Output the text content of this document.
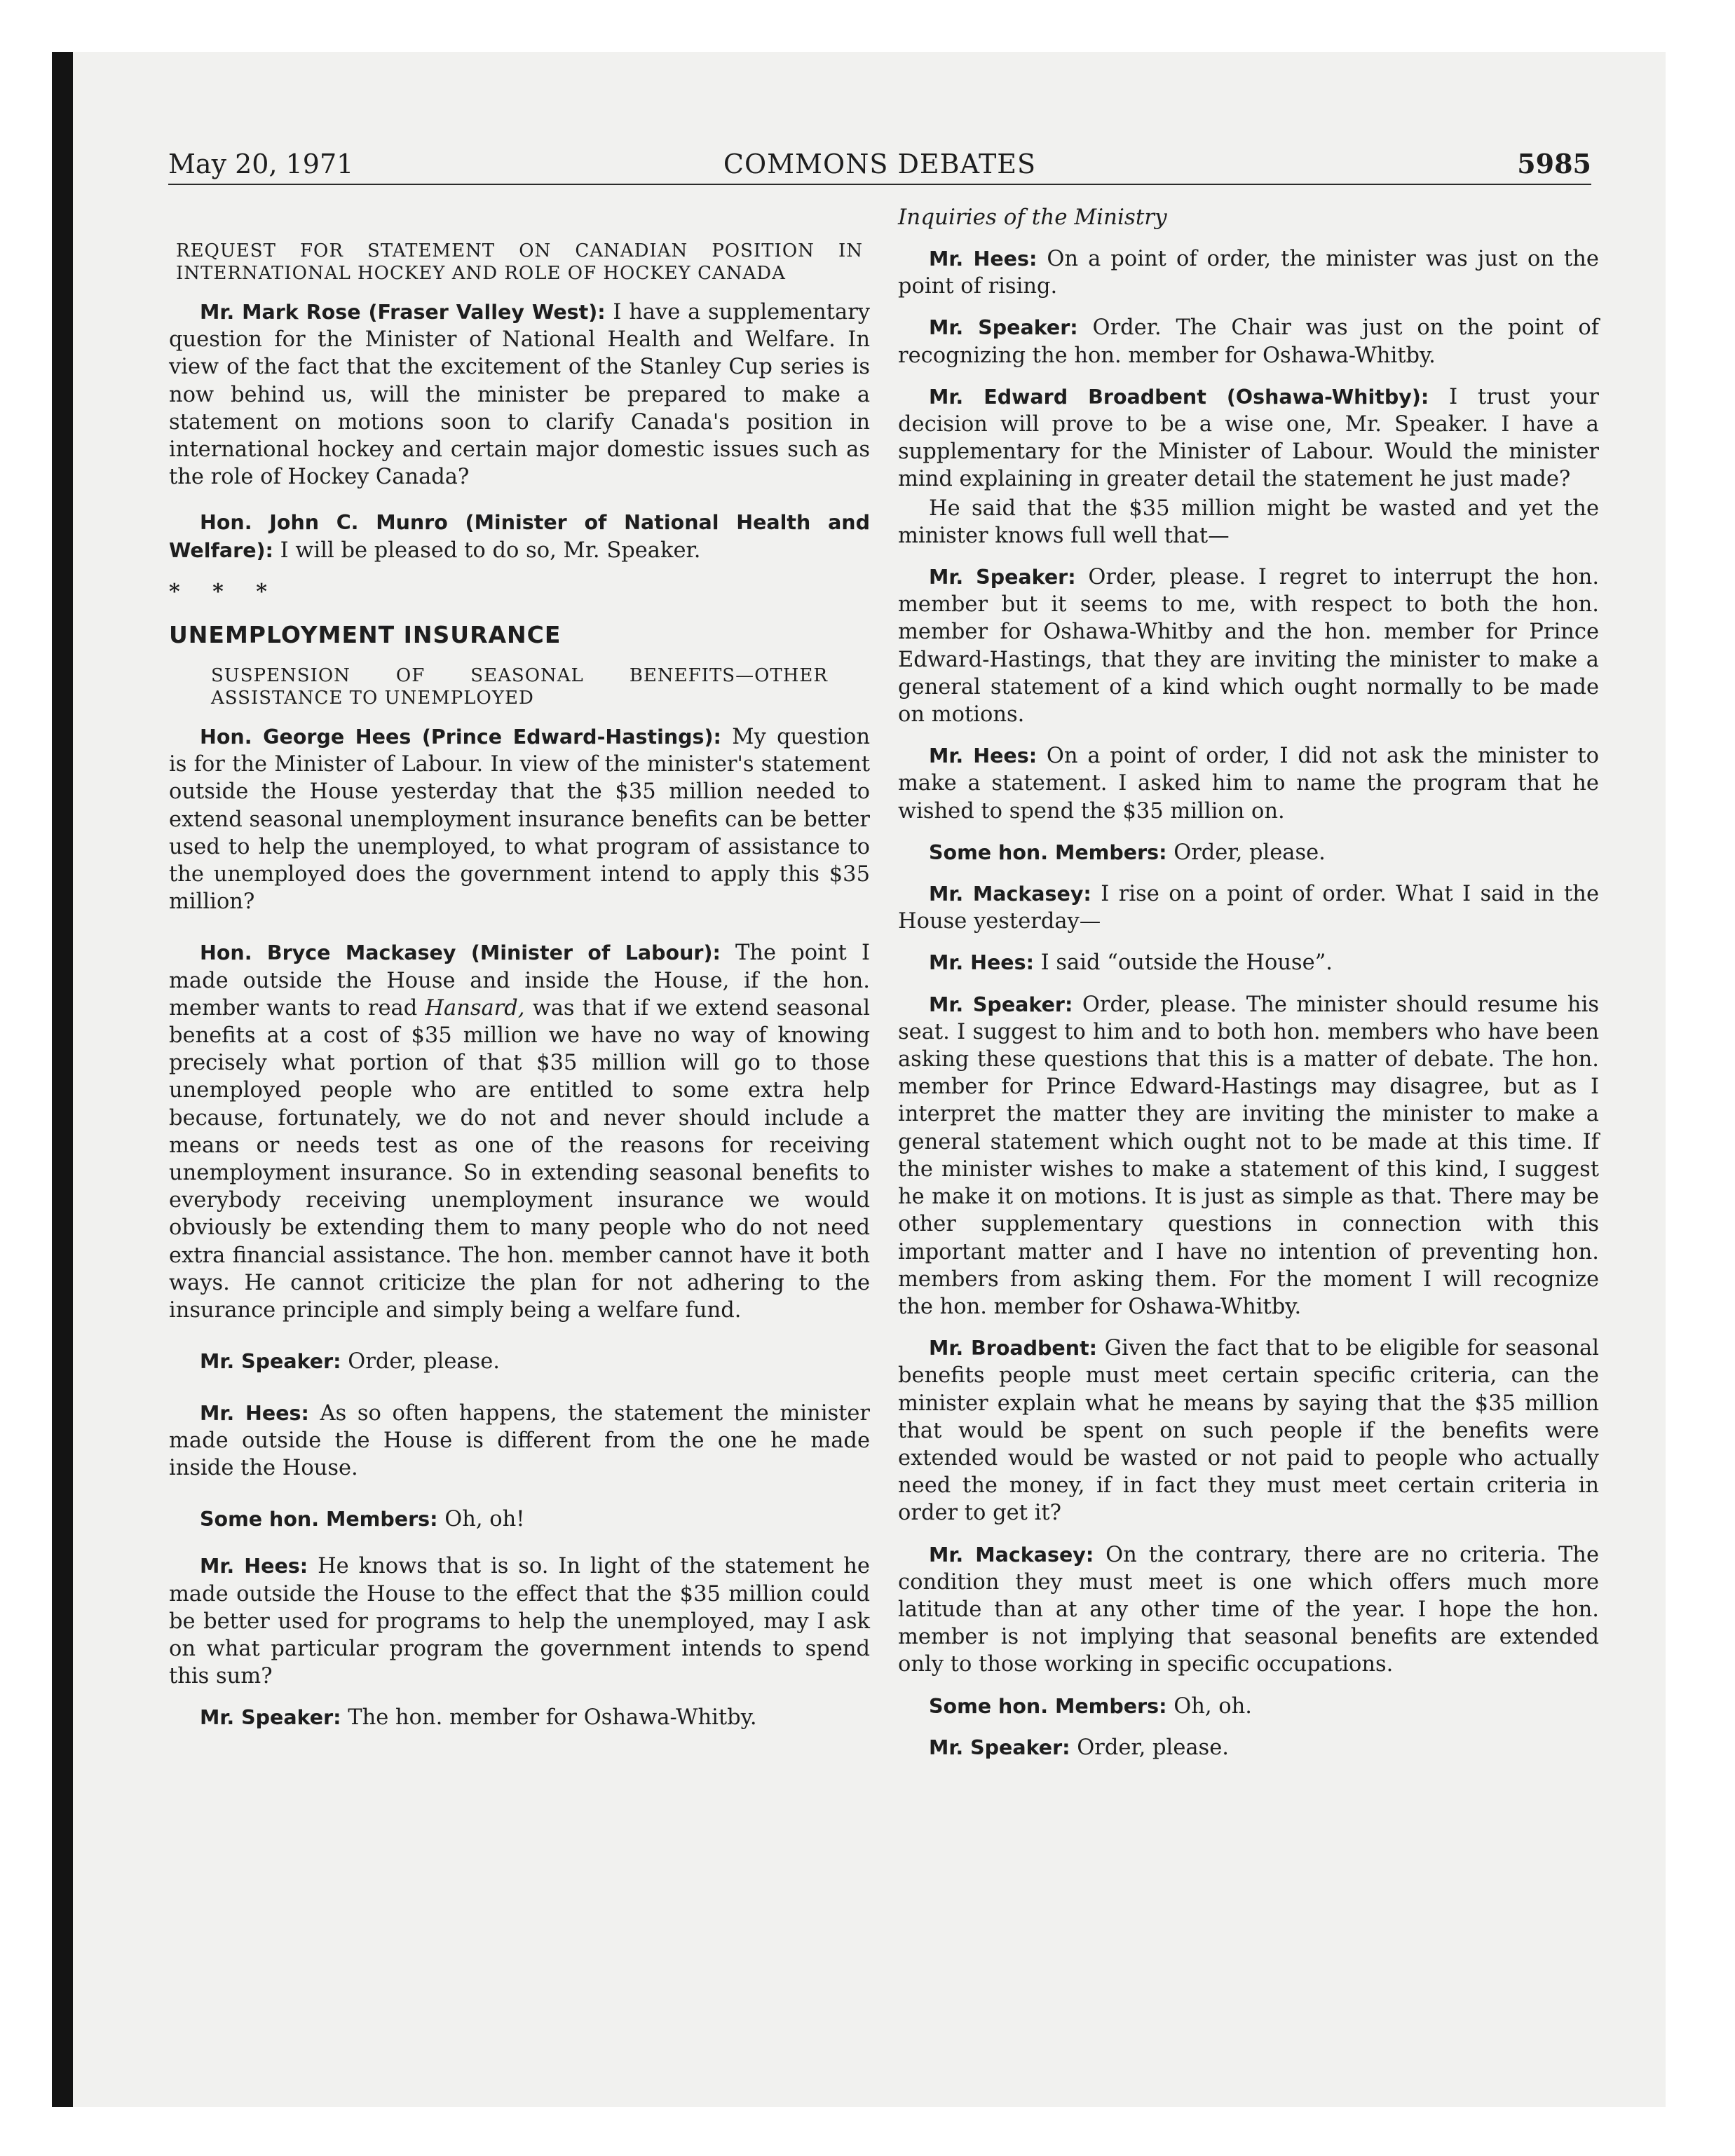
May 20, 1971	COMMONS DEBATES	5985

REQUEST FOR STATEMENT ON CANADIAN POSITION IN INTERNATIONAL HOCKEY AND ROLE OF HOCKEY CANADA

Mr. Mark Rose (Fraser Valley West): I have a supplementary question for the Minister of National Health and Welfare. In view of the fact that the excitement of the Stanley Cup series is now behind us, will the minister be prepared to make a statement on motions soon to clarify Canada's position in international hockey and certain major domestic issues such as the role of Hockey Canada?

Hon. John C. Munro (Minister of National Health and Welfare): I will be pleased to do so, Mr. Speaker.

* * *

UNEMPLOYMENT INSURANCE

SUSPENSION OF SEASONAL BENEFITS—OTHER ASSISTANCE TO UNEMPLOYED

Hon. George Hees (Prince Edward-Hastings): My question is for the Minister of Labour. In view of the minister's statement outside the House yesterday that the $35 million needed to extend seasonal unemployment insurance benefits can be better used to help the unemployed, to what program of assistance to the unemployed does the government intend to apply this $35 million?

Hon. Bryce Mackasey (Minister of Labour): The point I made outside the House and inside the House, if the hon. member wants to read Hansard, was that if we extend seasonal benefits at a cost of $35 million we have no way of knowing precisely what portion of that $35 million will go to those unemployed people who are entitled to some extra help because, fortunately, we do not and never should include a means or needs test as one of the reasons for receiving unemployment insurance. So in extending seasonal benefits to everybody receiving unemployment insurance we would obviously be extending them to many people who do not need extra financial assistance. The hon. member cannot have it both ways. He cannot criticize the plan for not adhering to the insurance principle and simply being a welfare fund.

Mr. Speaker: Order, please.

Mr. Hees: As so often happens, the statement the minister made outside the House is different from the one he made inside the House.

Some hon. Members: Oh, oh!

Mr. Hees: He knows that is so. In light of the statement he made outside the House to the effect that the $35 million could be better used for programs to help the unemployed, may I ask on what particular program the government intends to spend this sum?

Mr. Speaker: The hon. member for Oshawa-Whitby.

Inquiries of the Ministry

Mr. Hees: On a point of order, the minister was just on the point of rising.

Mr. Speaker: Order. The Chair was just on the point of recognizing the hon. member for Oshawa-Whitby.

Mr. Edward Broadbent (Oshawa-Whitby): I trust your decision will prove to be a wise one, Mr. Speaker. I have a supplementary for the Minister of Labour. Would the minister mind explaining in greater detail the statement he just made?

He said that the $35 million might be wasted and yet the minister knows full well that—

Mr. Speaker: Order, please. I regret to interrupt the hon. member but it seems to me, with respect to both the hon. member for Oshawa-Whitby and the hon. member for Prince Edward-Hastings, that they are inviting the minister to make a general statement of a kind which ought normally to be made on motions.

Mr. Hees: On a point of order, I did not ask the minister to make a statement. I asked him to name the program that he wished to spend the $35 million on.

Some hon. Members: Order, please.

Mr. Mackasey: I rise on a point of order. What I said in the House yesterday—

Mr. Hees: I said “outside the House”.

Mr. Speaker: Order, please. The minister should resume his seat. I suggest to him and to both hon. members who have been asking these questions that this is a matter of debate. The hon. member for Prince Edward-Hastings may disagree, but as I interpret the matter they are inviting the minister to make a general statement which ought not to be made at this time. If the minister wishes to make a statement of this kind, I suggest he make it on motions. It is just as simple as that. There may be other supplementary questions in connection with this important matter and I have no intention of preventing hon. members from asking them. For the moment I will recognize the hon. member for Oshawa-Whitby.

Mr. Broadbent: Given the fact that to be eligible for seasonal benefits people must meet certain specific criteria, can the minister explain what he means by saying that the $35 million that would be spent on such people if the benefits were extended would be wasted or not paid to people who actually need the money, if in fact they must meet certain criteria in order to get it?

Mr. Mackasey: On the contrary, there are no criteria. The condition they must meet is one which offers much more latitude than at any other time of the year. I hope the hon. member is not implying that seasonal benefits are extended only to those working in specific occupations.

Some hon. Members: Oh, oh.

Mr. Speaker: Order, please.
